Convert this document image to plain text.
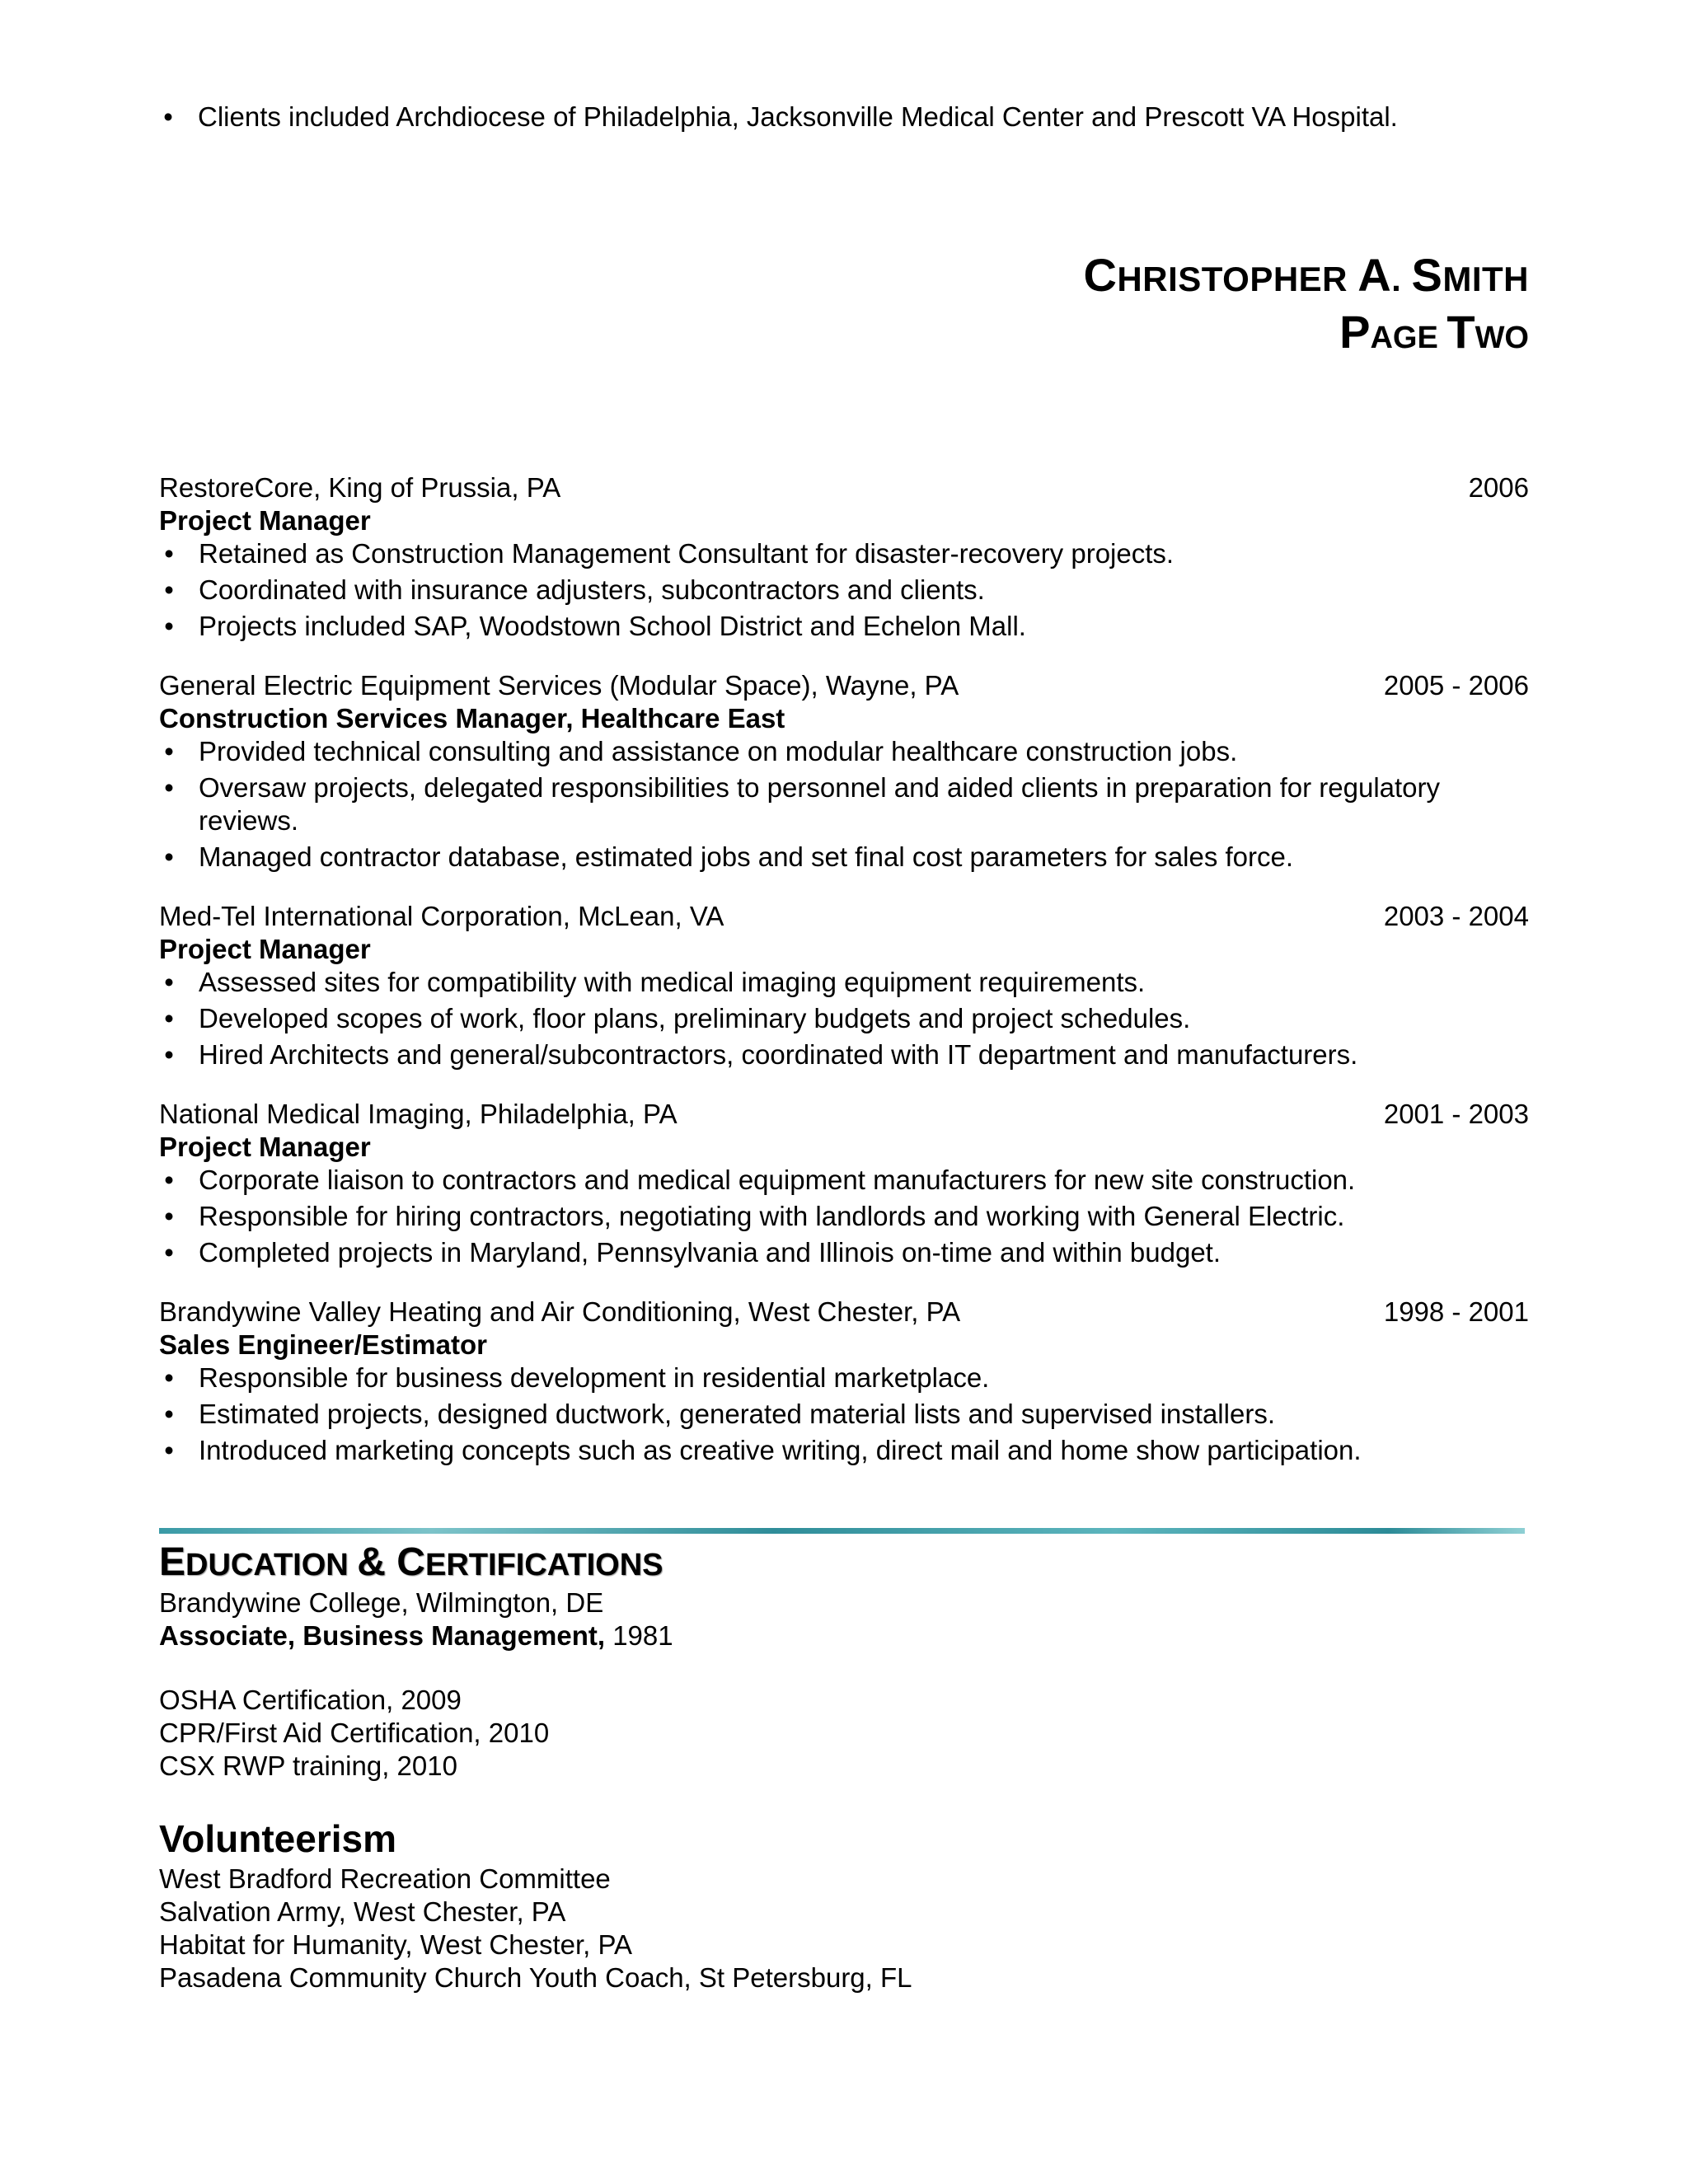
• Clients included Archdiocese of Philadelphia, Jacksonville Medical Center and Prescott VA Hospital.
CHRISTOPHER A. SMITH
PAGE TWO
RestoreCore, King of Prussia, PA	2006
Project Manager
• Retained as Construction Management Consultant for disaster-recovery projects.
• Coordinated with insurance adjusters, subcontractors and clients.
• Projects included SAP, Woodstown School District and Echelon Mall.
General Electric Equipment Services (Modular Space), Wayne, PA	2005 - 2006
Construction Services Manager, Healthcare East
• Provided technical consulting and assistance on modular healthcare construction jobs.
• Oversaw projects, delegated responsibilities to personnel and aided clients in preparation for regulatory reviews.
• Managed contractor database, estimated jobs and set final cost parameters for sales force.
Med-Tel International Corporation, McLean, VA	2003 - 2004
Project Manager
• Assessed sites for compatibility with medical imaging equipment requirements.
• Developed scopes of work, floor plans, preliminary budgets and project schedules.
• Hired Architects and general/subcontractors, coordinated with IT department and manufacturers.
National Medical Imaging, Philadelphia, PA	2001 - 2003
Project Manager
• Corporate liaison to contractors and medical equipment manufacturers for new site construction.
• Responsible for hiring contractors, negotiating with landlords and working with General Electric.
• Completed projects in Maryland, Pennsylvania and Illinois on-time and within budget.
Brandywine Valley Heating and Air Conditioning, West Chester, PA	1998 - 2001
Sales Engineer/Estimator
• Responsible for business development in residential marketplace.
• Estimated projects, designed ductwork, generated material lists and supervised installers.
• Introduced marketing concepts such as creative writing, direct mail and home show participation.
EDUCATION & CERTIFICATIONS
Brandywine College, Wilmington, DE
Associate, Business Management, 1981
OSHA Certification, 2009
CPR/First Aid Certification, 2010
CSX RWP training, 2010
Volunteerism
West Bradford Recreation Committee
Salvation Army, West Chester, PA
Habitat for Humanity, West Chester, PA
Pasadena Community Church Youth Coach, St Petersburg, FL
